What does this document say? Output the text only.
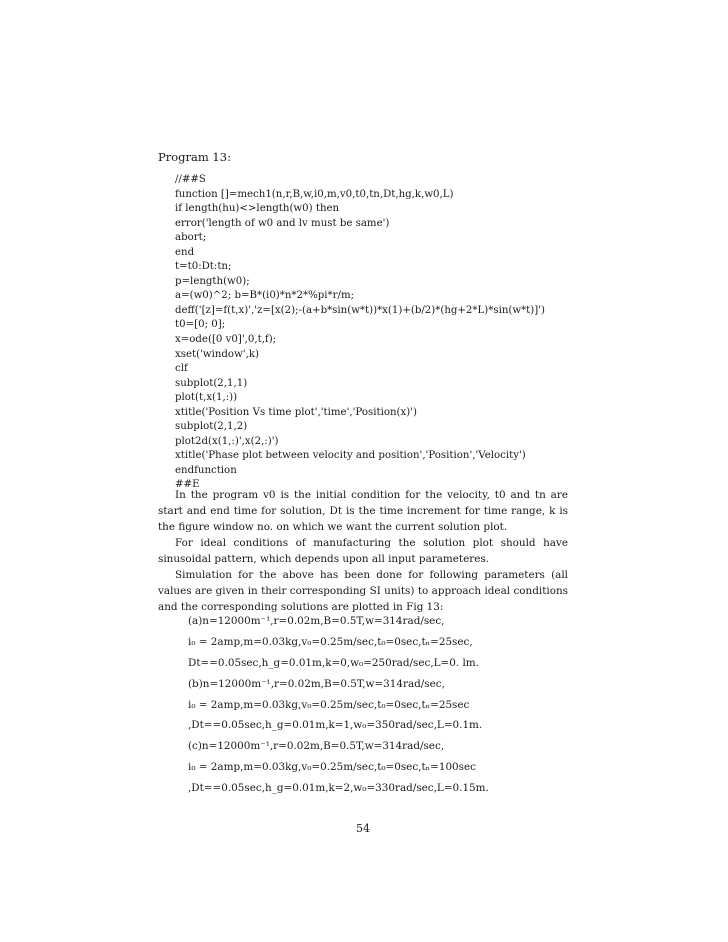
Program 13:
//##S
function []=mech1(n,r,B,w,i0,m,v0,t0,tn,Dt,hg,k,w0,L)
if length(hu)<>length(w0) then
error('length of w0 and lv must be same')
abort;
end
t=t0:Dt:tn;
p=length(w0);
a=(w0)^2; b=B*(i0)*n*2*%pi*r/m;
deff('[z]=f(t,x)','z=[x(2);-(a+b*sin(w*t))*x(1)+(b/2)*(hg+2*L)*sin(w*t)]')
t0=[0; 0];
x=ode([0 v0]',0,t,f);
xset('window',k)
clf
subplot(2,1,1)
plot(t,x(1,:))
xtitle('Position Vs time plot','time','Position(x)')
subplot(2,1,2)
plot2d(x(1,:)',x(2,:)')
xtitle('Phase plot between velocity and position','Position','Velocity')
endfunction
##E

In the program v0 is the initial condition for the velocity, t0 and tn are start and end time for solution, Dt is the time increment for time range, k is the figure window no. on which we want the current solution plot.

For ideal conditions of manufacturing the solution plot should have sinusoidal pattern, which depends upon all input parameteres.

Simulation for the above has been done for following parameters (all values are given in their corresponding SI units) to approach ideal conditions and the corresponding solutions are plotted in Fig 13:

(a)n=12000m⁻¹,r=0.02m,B=0.5T,w=314rad/sec,
i₀ = 2amp,m=0.03kg,v₀=0.25m/sec,t₀=0sec,tₙ=25sec,
Dt==0.05sec,h_g=0.01m,k=0,w₀=250rad/sec,L=0. lm.
(b)n=12000m⁻¹,r=0.02m,B=0.5T,w=314rad/sec,
i₀ = 2amp,m=0.03kg,v₀=0.25m/sec,t₀=0sec,tₙ=25sec
,Dt==0.05sec,h_g=0.01m,k=1,w₀=350rad/sec,L=0.1m.
(c)n=12000m⁻¹,r=0.02m,B=0.5T,w=314rad/sec,
i₀ = 2amp,m=0.03kg,v₀=0.25m/sec,t₀=0sec,tₙ=100sec
,Dt==0.05sec,h_g=0.01m,k=2,w₀=330rad/sec,L=0.15m.
54
